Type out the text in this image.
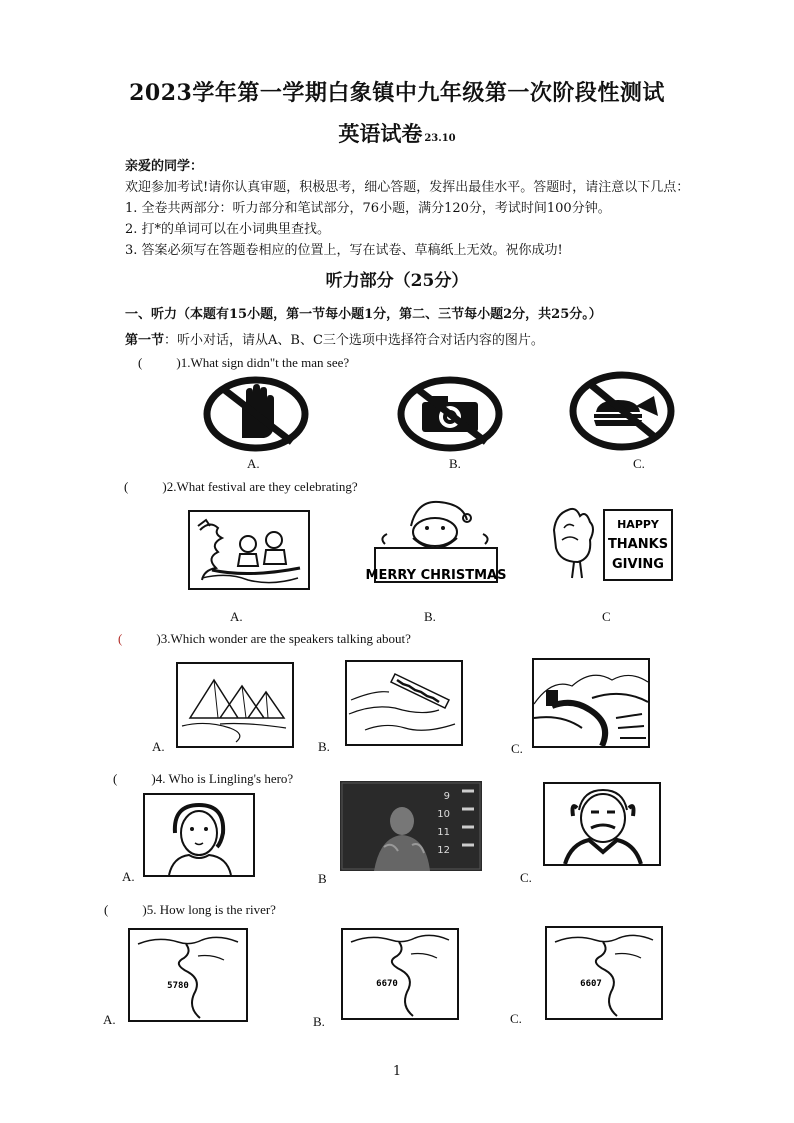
2023学年第一学期白象镇中九年级第一次阶段性测试
英语试卷 23.10
亲爱的同学：
欢迎参加考试!请你认真审题，积极思考，细心答题，发挥出最佳水平。答题时，请注意以下几点：
1. 全卷共两部分：听力部分和笔试部分，76小题，满分120分，考试时间100分钟。
2. 打*的单词可以在小词典里查找。
3. 答案必须写在答题卷相应的位置上，写在试卷、草稿纸上无效。祝你成功!
听力部分（25分）
一、听力（本题有15小题，第一节每小题1分，第二、三节每小题2分，共25分。）
第一节：听小对话，请从A、B、C三个选项中选择符合对话内容的图片。
(	)1.What sign didn"t the man see?
A.	B.	C.
(	)2.What festival are they celebrating?
MERRY CHRISTMAS
HAPPY
THANKS
GIVING
A.	B.	C
(	)3.Which wonder are the speakers talking about?
A.	B.	C.
(	)4. Who is Lingling's hero?
9
10
11
12
A.	B	C.
(	)5. How long is the river?
5780	6670	6607
A.	B.	C.
1
